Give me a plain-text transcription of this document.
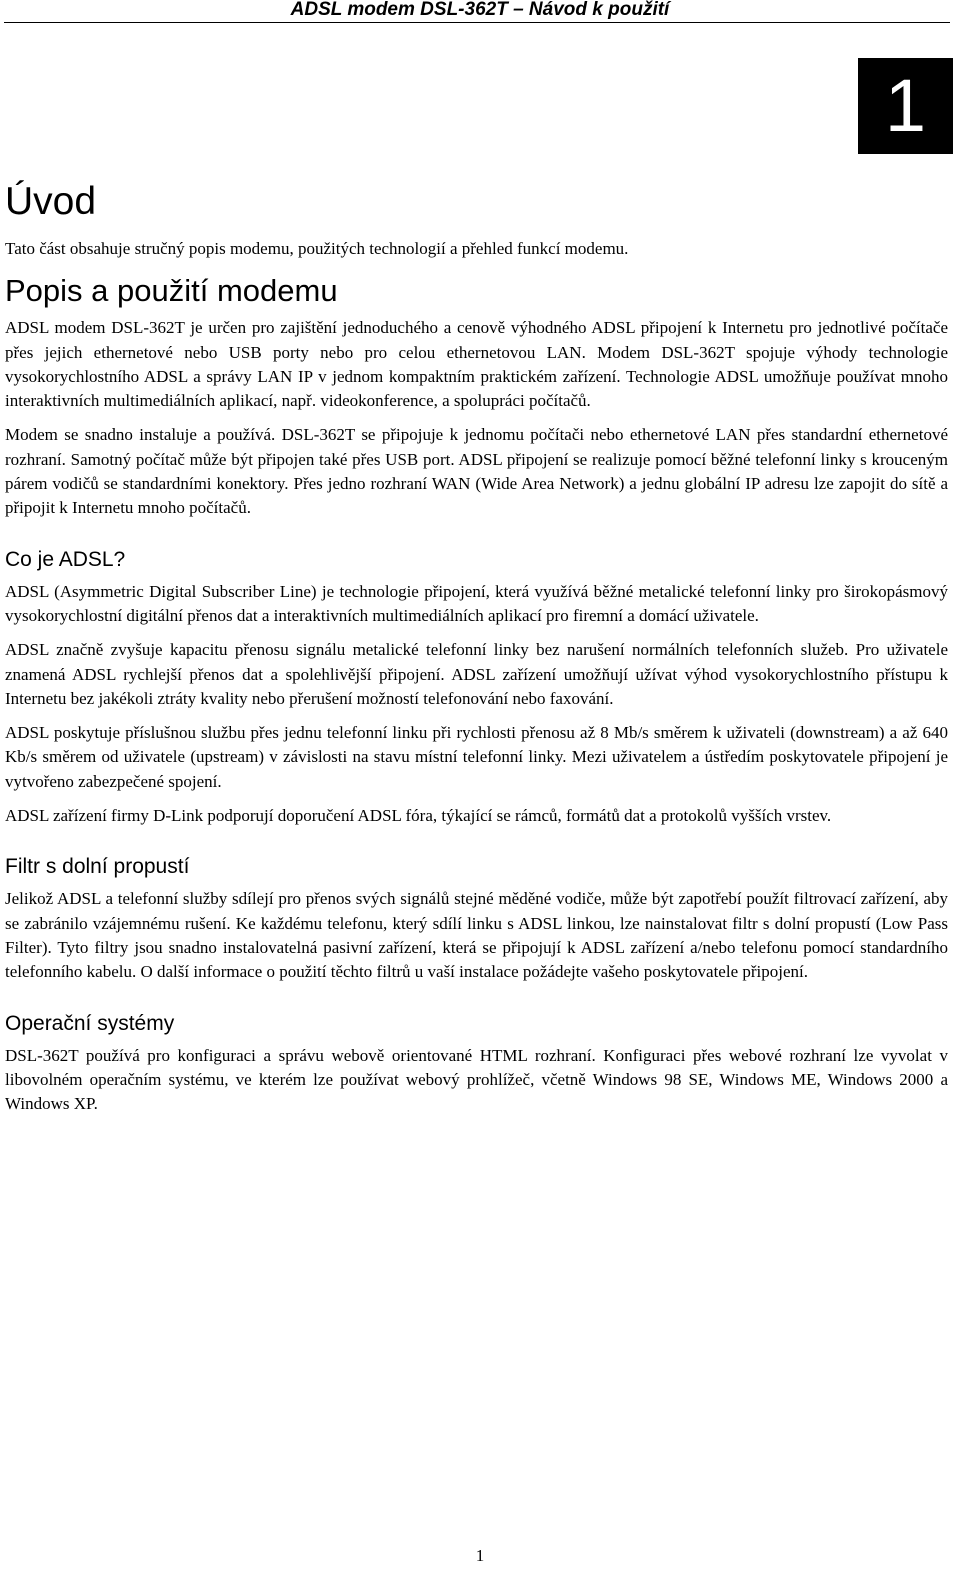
ADSL modem DSL-362T – Návod k použití
1
Úvod
Tato část obsahuje stručný popis modemu, použitých technologií a přehled funkcí modemu.
Popis a použití modemu
ADSL modem DSL-362T je určen pro zajištění jednoduchého a cenově výhodného ADSL připojení k Internetu pro jednotlivé počítače přes jejich ethernetové nebo USB porty nebo pro celou ethernetovou LAN. Modem DSL-362T spojuje výhody technologie vysokorychlostního ADSL a správy LAN IP v jednom kompaktním praktickém zařízení. Technologie ADSL umožňuje používat mnoho interaktivních multimediálních aplikací, např. videokonference, a spolupráci počítačů.
Modem se snadno instaluje a používá. DSL-362T se připojuje k jednomu počítači nebo ethernetové LAN přes standardní ethernetové rozhraní. Samotný počítač může být připojen také přes USB port. ADSL připojení se realizuje pomocí běžné telefonní linky s krouceným párem vodičů se standardními konektory. Přes jedno rozhraní WAN (Wide Area Network) a jednu globální IP adresu lze zapojit do sítě a připojit k Internetu mnoho počítačů.
Co je ADSL?
ADSL (Asymmetric Digital Subscriber Line) je technologie připojení, která využívá běžné metalické telefonní linky pro širokopásmový vysokorychlostní digitální přenos dat a interaktivních multimediálních aplikací pro firemní a domácí uživatele.
ADSL značně zvyšuje kapacitu přenosu signálu metalické telefonní linky bez narušení normálních telefonních služeb. Pro uživatele znamená ADSL rychlejší přenos dat a spolehlivější připojení. ADSL zařízení umožňují užívat výhod vysokorychlostního přístupu k Internetu bez jakékoli ztráty kvality nebo přerušení možností telefonování nebo faxování.
ADSL poskytuje příslušnou službu přes jednu telefonní linku při rychlosti přenosu až 8 Mb/s směrem k uživateli (downstream) a až 640 Kb/s směrem od uživatele (upstream) v závislosti na stavu místní telefonní linky. Mezi uživatelem a ústředím poskytovatele připojení je vytvořeno zabezpečené spojení.
ADSL zařízení firmy D-Link podporují doporučení ADSL fóra, týkající se rámců, formátů dat a protokolů vyšších vrstev.
Filtr s dolní propustí
Jelikož ADSL a telefonní služby sdílejí pro přenos svých signálů stejné měděné vodiče, může být zapotřebí použít filtrovací zařízení, aby se zabránilo vzájemnému rušení. Ke každému telefonu, který sdílí linku s ADSL linkou, lze nainstalovat filtr s dolní propustí (Low Pass Filter). Tyto filtry jsou snadno instalovatelná pasivní zařízení, která se připojují k ADSL zařízení a/nebo telefonu pomocí standardního telefonního kabelu. O další informace o použití těchto filtrů u vaší instalace požádejte vašeho poskytovatele připojení.
Operační systémy
DSL-362T používá pro konfiguraci a správu webově orientované HTML rozhraní. Konfiguraci přes webové rozhraní lze vyvolat v libovolném operačním systému, ve kterém lze používat webový prohlížeč, včetně Windows 98 SE, Windows ME, Windows 2000 a Windows XP.
1
